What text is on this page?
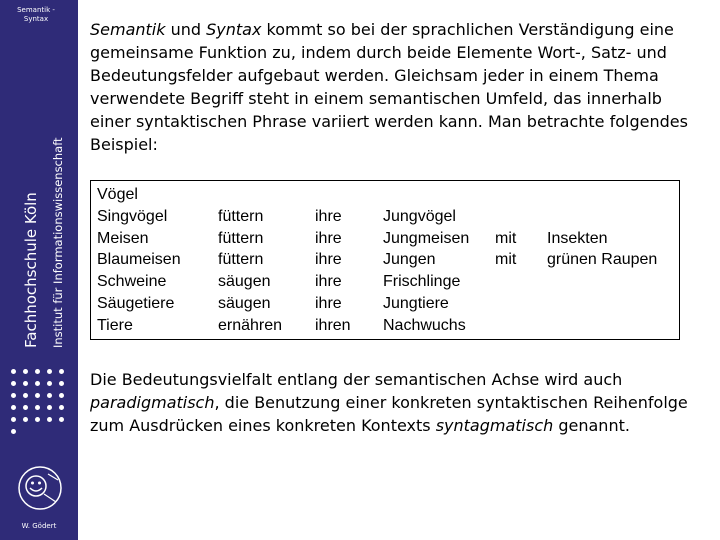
Semantik -
Syntax
Fachhochschule Köln Institut für Informationswissenschaft
W. Gödert

Semantik und Syntax kommt so bei der sprachlichen Verständigung eine gemeinsame Funktion zu, indem durch beide Elemente Wort-, Satz- und Bedeutungsfelder aufgebaut werden. Gleichsam jeder in einem Thema verwendete Begriff steht in einem semantischen Umfeld, das innerhalb einer syntaktischen Phrase variiert werden kann. Man betrachte folgendes Beispiel:

Vögel
Singvögel
Meisen
Blaumeisen
Schweine
Säugetiere
Tiere
füttern
füttern
füttern
säugen
säugen
ernähren
ihre
ihre
ihre
ihre
ihre
ihren
Jungvögel
Jungmeisen
Jungen
Frischlinge
Jungtiere
Nachwuchs
mit
mit
Insekten
grünen Raupen

Die Bedeutungsvielfalt entlang der semantischen Achse wird auch paradigmatisch, die Benutzung einer konkreten syntaktischen Reihenfolge zum Ausdrücken eines konkreten Kontexts syntagmatisch genannt.
